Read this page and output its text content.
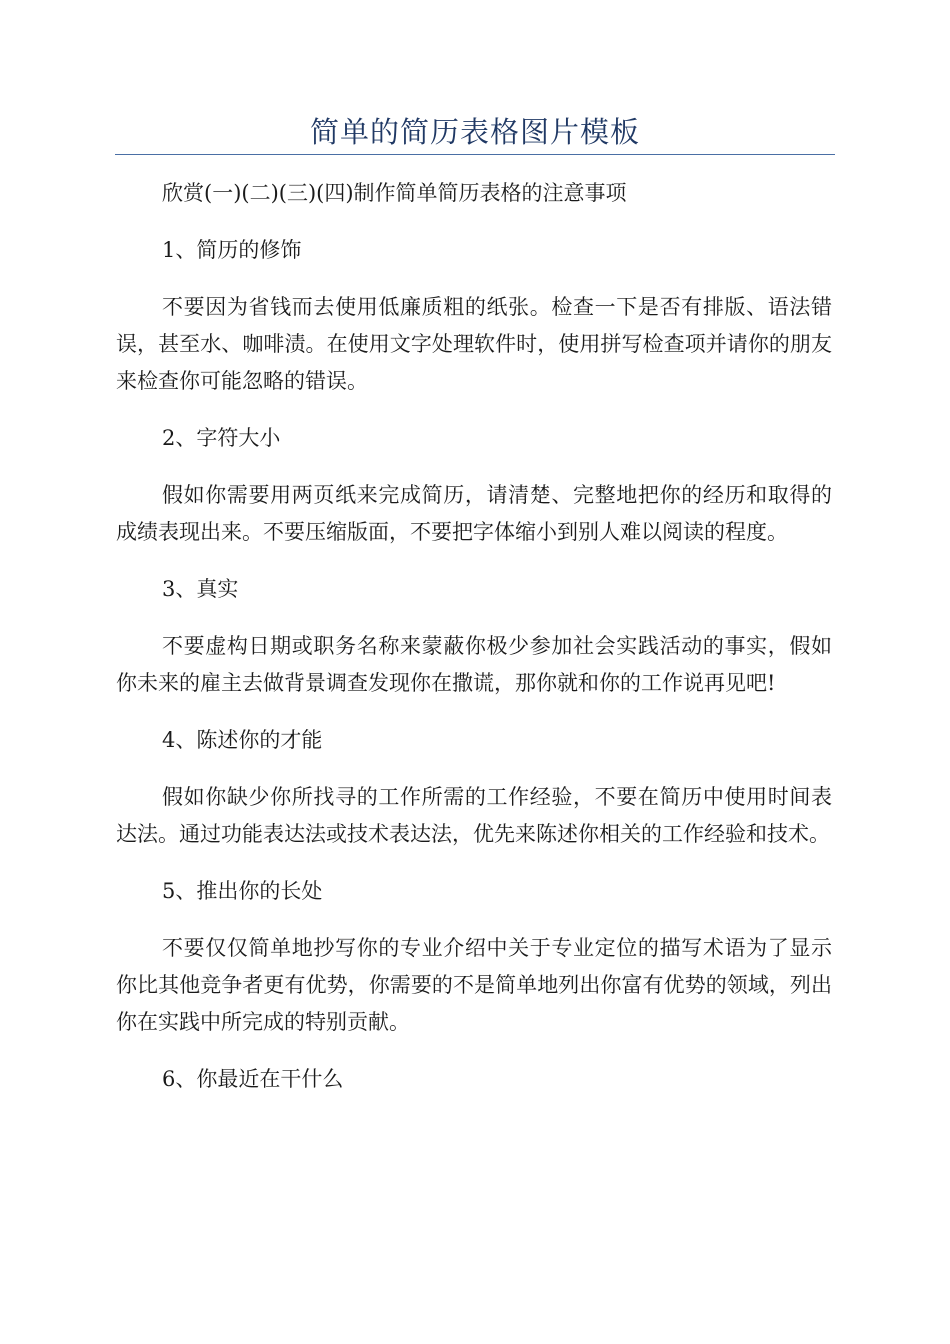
简单的简历表格图片模板

欣赏(一)(二)(三)(四)制作简单简历表格的注意事项

1、简历的修饰

不要因为省钱而去使用低廉质粗的纸张。检查一下是否有排版、语法错误，甚至水、咖啡渍。在使用文字处理软件时，使用拼写检查项并请你的朋友来检查你可能忽略的错误。

2、字符大小

假如你需要用两页纸来完成简历，请清楚、完整地把你的经历和取得的成绩表现出来。不要压缩版面，不要把字体缩小到别人难以阅读的程度。

3、真实

不要虚构日期或职务名称来蒙蔽你极少参加社会实践活动的事实，假如你未来的雇主去做背景调查发现你在撒谎，那你就和你的工作说再见吧!

4、陈述你的才能

假如你缺少你所找寻的工作所需的工作经验，不要在简历中使用时间表达法。通过功能表达法或技术表达法，优先来陈述你相关的工作经验和技术。

5、推出你的长处

不要仅仅简单地抄写你的专业介绍中关于专业定位的描写术语为了显示你比其他竞争者更有优势，你需要的不是简单地列出你富有优势的领域，列出你在实践中所完成的特别贡献。

6、你最近在干什么
